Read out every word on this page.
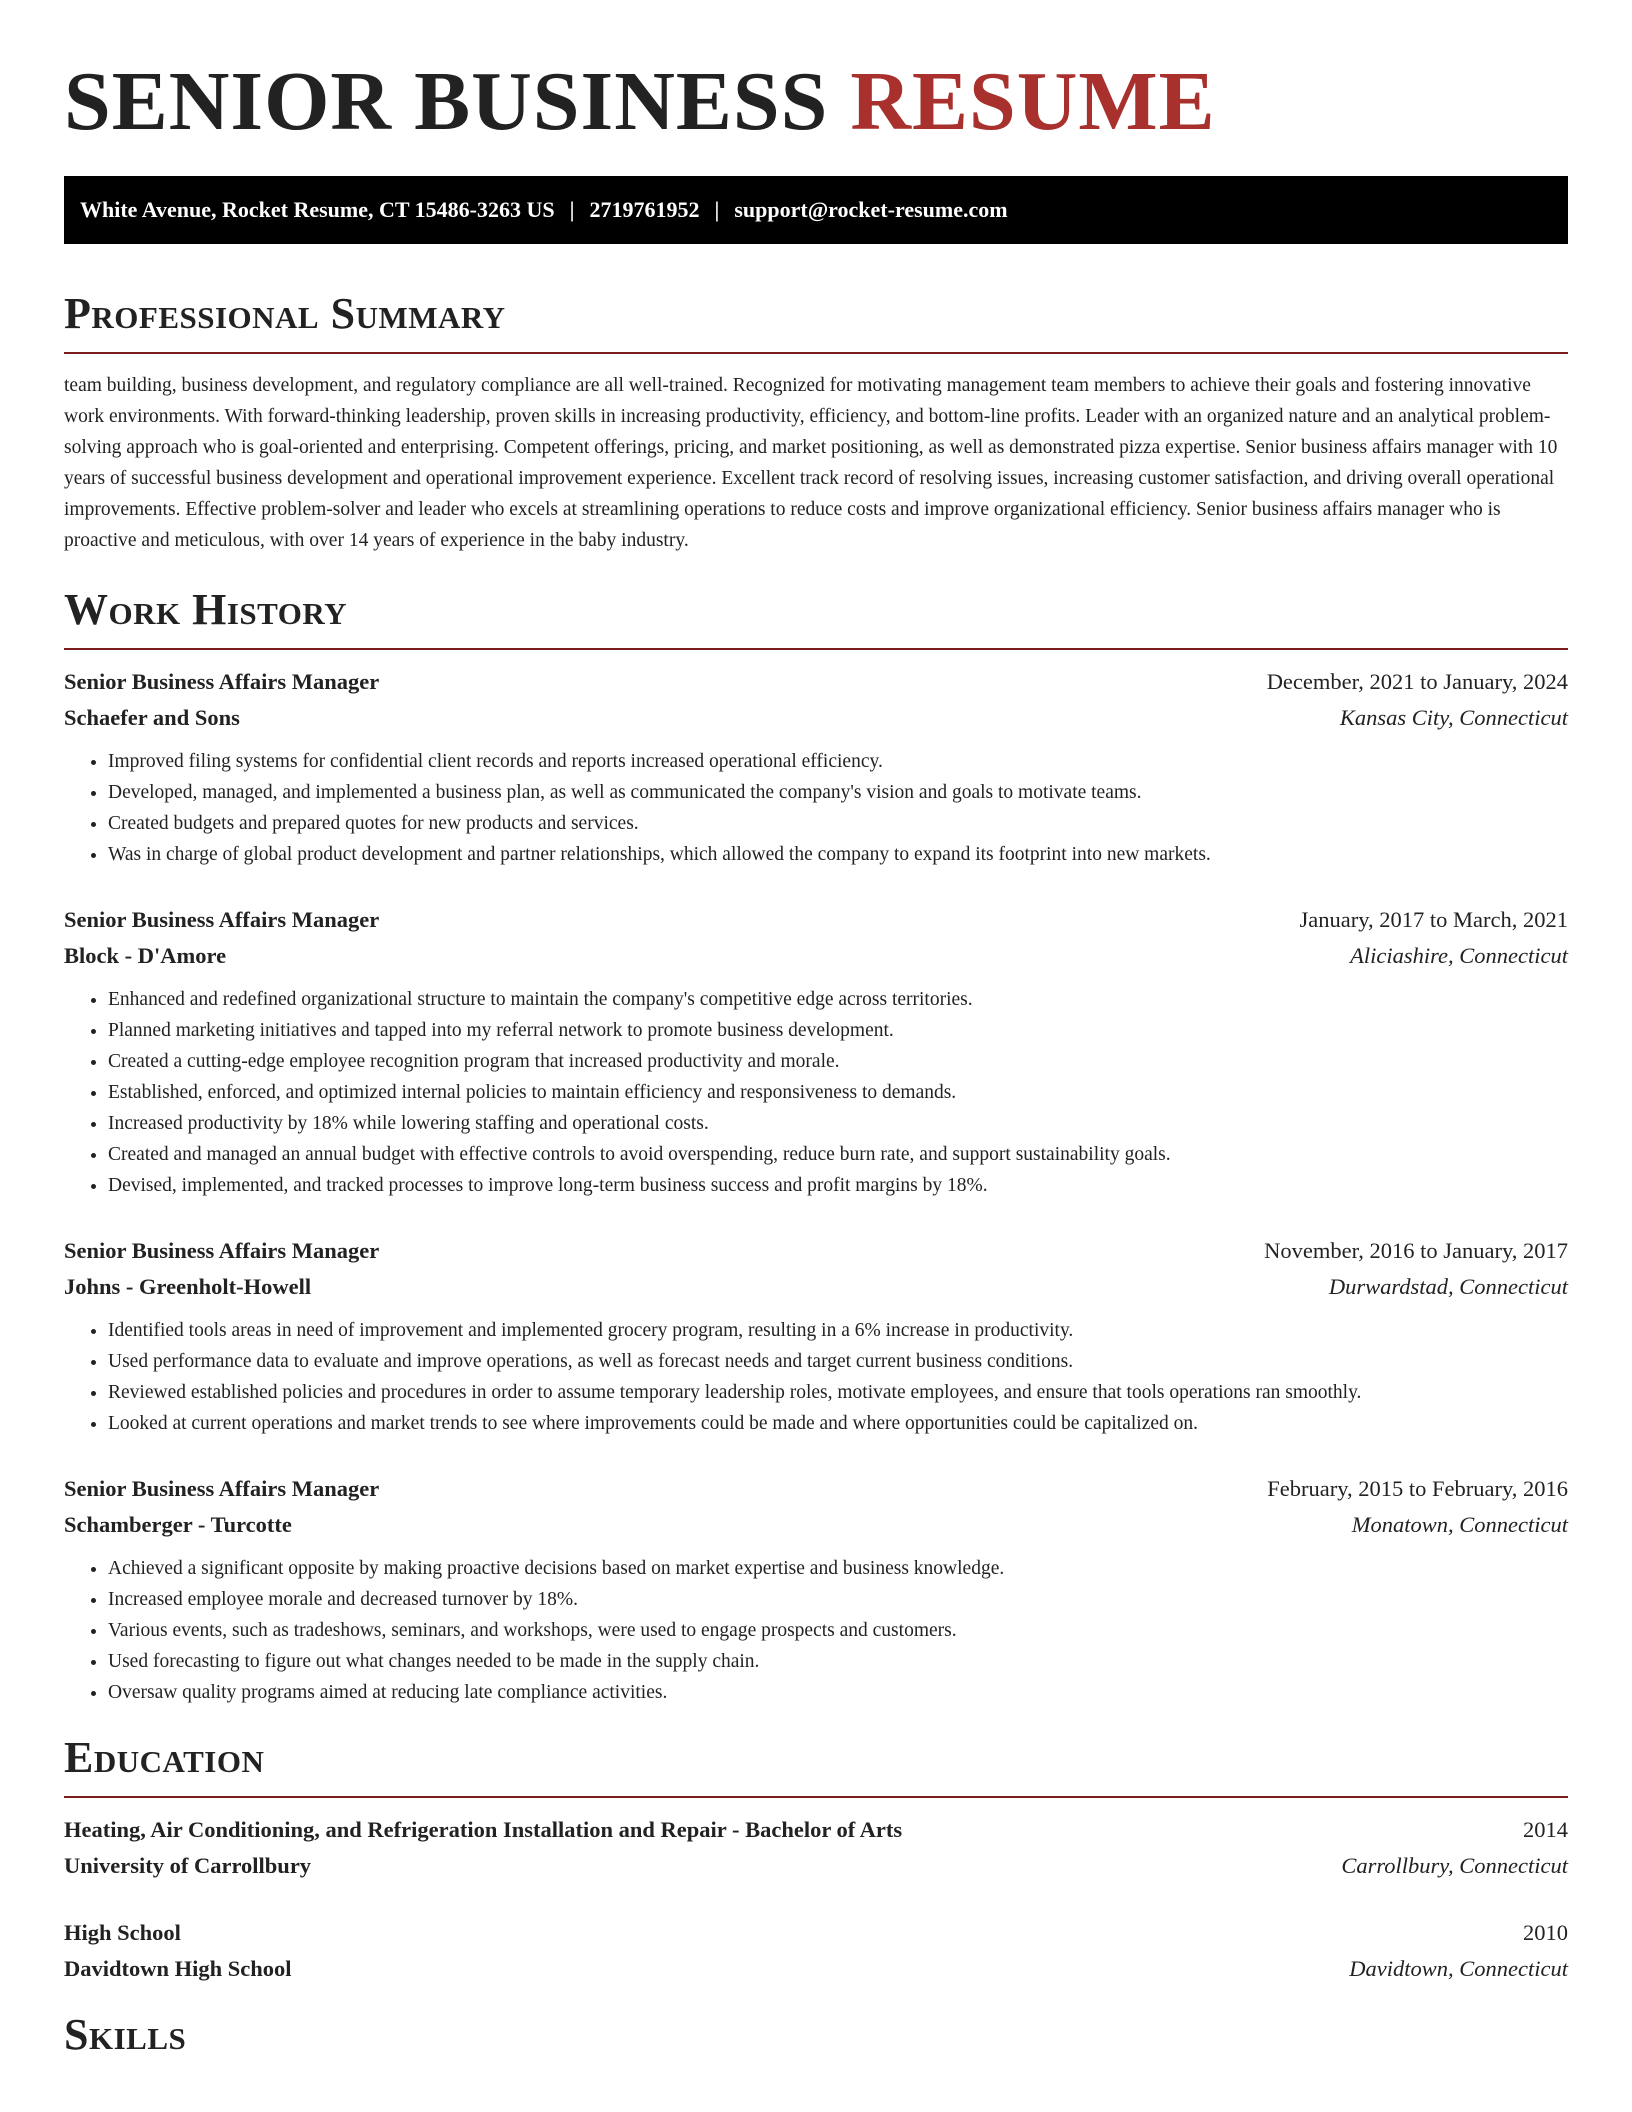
SENIOR BUSINESS RESUME
White Avenue, Rocket Resume, CT 15486-3263 US | 2719761952 | support@rocket-resume.com
Professional Summary

team building, business development, and regulatory compliance are all well-trained. Recognized for motivating management team members to achieve their goals and fostering innovative work environments. With forward-thinking leadership, proven skills in increasing productivity, efficiency, and bottom-line profits. Leader with an organized nature and an analytical problem-solving approach who is goal-oriented and enterprising. Competent offerings, pricing, and market positioning, as well as demonstrated pizza expertise. Senior business affairs manager with 10 years of successful business development and operational improvement experience. Excellent track record of resolving issues, increasing customer satisfaction, and driving overall operational improvements. Effective problem-solver and leader who excels at streamlining operations to reduce costs and improve organizational efficiency. Senior business affairs manager who is proactive and meticulous, with over 14 years of experience in the baby industry.

Work History
Senior Business Affairs Manager	December, 2021 to January, 2024
Schaefer and Sons	Kansas City, Connecticut
• Improved filing systems for confidential client records and reports increased operational efficiency.
• Developed, managed, and implemented a business plan, as well as communicated the company's vision and goals to motivate teams.
• Created budgets and prepared quotes for new products and services.
• Was in charge of global product development and partner relationships, which allowed the company to expand its footprint into new markets.
Senior Business Affairs Manager	January, 2017 to March, 2021
Block - D'Amore	Aliciashire, Connecticut
• Enhanced and redefined organizational structure to maintain the company's competitive edge across territories.
• Planned marketing initiatives and tapped into my referral network to promote business development.
• Created a cutting-edge employee recognition program that increased productivity and morale.
• Established, enforced, and optimized internal policies to maintain efficiency and responsiveness to demands.
• Increased productivity by 18% while lowering staffing and operational costs.
• Created and managed an annual budget with effective controls to avoid overspending, reduce burn rate, and support sustainability goals.
• Devised, implemented, and tracked processes to improve long-term business success and profit margins by 18%.
Senior Business Affairs Manager	November, 2016 to January, 2017
Johns - Greenholt-Howell	Durwardstad, Connecticut
• Identified tools areas in need of improvement and implemented grocery program, resulting in a 6% increase in productivity.
• Used performance data to evaluate and improve operations, as well as forecast needs and target current business conditions.
• Reviewed established policies and procedures in order to assume temporary leadership roles, motivate employees, and ensure that tools operations ran smoothly.
• Looked at current operations and market trends to see where improvements could be made and where opportunities could be capitalized on.
Senior Business Affairs Manager	February, 2015 to February, 2016
Schamberger - Turcotte	Monatown, Connecticut
• Achieved a significant opposite by making proactive decisions based on market expertise and business knowledge.
• Increased employee morale and decreased turnover by 18%.
• Various events, such as tradeshows, seminars, and workshops, were used to engage prospects and customers.
• Used forecasting to figure out what changes needed to be made in the supply chain.
• Oversaw quality programs aimed at reducing late compliance activities.
Education
Heating, Air Conditioning, and Refrigeration Installation and Repair - Bachelor of Arts	2014
University of Carrollbury	Carrollbury, Connecticut
High School	2010
Davidtown High School	Davidtown, Connecticut
Skills
